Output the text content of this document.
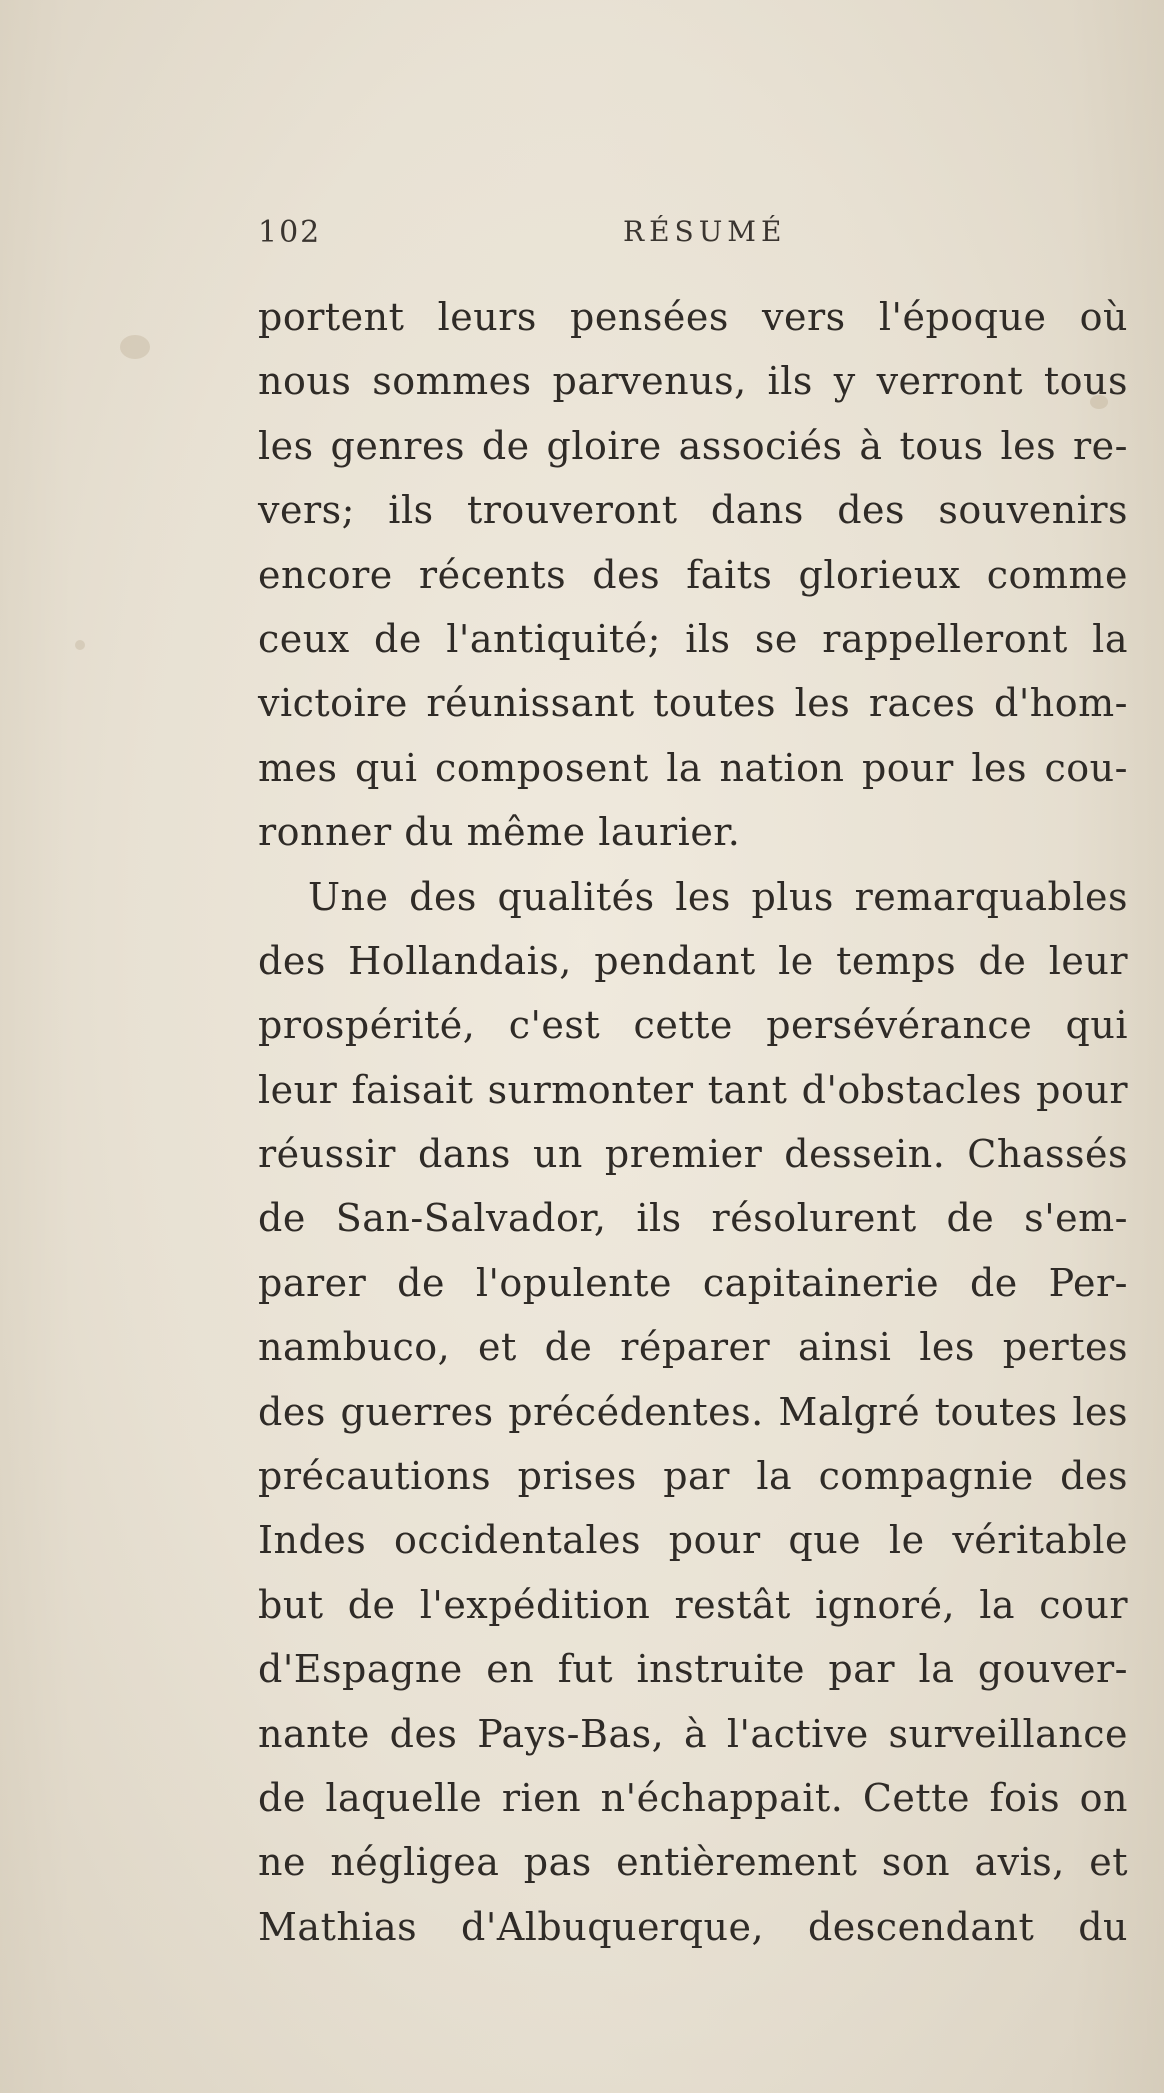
102	RÉSUMÉ
portent leurs pensées vers l'époque où
nous sommes parvenus, ils y verront tous
les genres de gloire associés à tous les re-
vers; ils trouveront dans des souvenirs
encore récents des faits glorieux comme
ceux de l'antiquité; ils se rappelleront la
victoire réunissant toutes les races d'hom-
mes qui composent la nation pour les cou-
ronner du même laurier.
Une des qualités les plus remarquables
des Hollandais, pendant le temps de leur
prospérité, c'est cette persévérance qui
leur faisait surmonter tant d'obstacles pour
réussir dans un premier dessein. Chassés
de San-Salvador, ils résolurent de s'em-
parer de l'opulente capitainerie de Per-
nambuco, et de réparer ainsi les pertes
des guerres précédentes. Malgré toutes les
précautions prises par la compagnie des
Indes occidentales pour que le véritable
but de l'expédition restât ignoré, la cour
d'Espagne en fut instruite par la gouver-
nante des Pays-Bas, à l'active surveillance
de laquelle rien n'échappait. Cette fois on
ne négligea pas entièrement son avis, et
Mathias d'Albuquerque, descendant du
